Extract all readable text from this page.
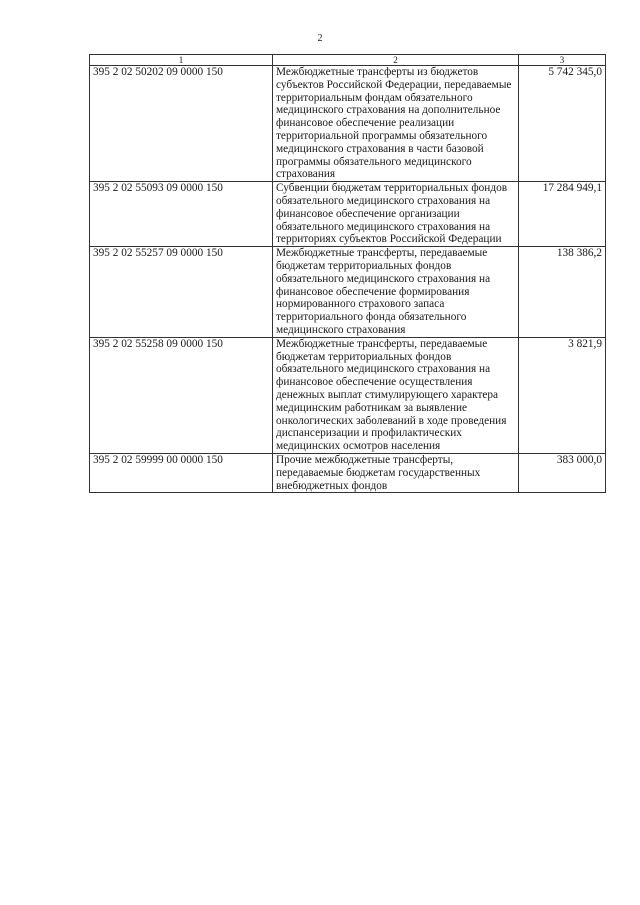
2
1	2	3
395 2 02 50202 09 0000 150	Межбюджетные трансферты из бюджетов субъектов Российской Федерации, передаваемые территориальным фондам обязательного медицинского страхования на дополнительное финансовое обеспечение реализации территориальной программы обязательного медицинского страхования в части базовой программы обязательного медицинского страхования	5 742 345,0
395 2 02 55093 09 0000 150	Субвенции бюджетам территориальных фондов обязательного медицинского страхования на финансовое обеспечение организации обязательного медицинского страхования на территориях субъектов Российской Федерации	17 284 949,1
395 2 02 55257 09 0000 150	Межбюджетные трансферты, передаваемые бюджетам территориальных фондов обязательного медицинского страхования на финансовое обеспечение формирования нормированного страхового запаса территориального фонда обязательного медицинского страхования	138 386,2
395 2 02 55258 09 0000 150	Межбюджетные трансферты, передаваемые бюджетам территориальных фондов обязательного медицинского страхования на финансовое обеспечение осуществления денежных выплат стимулирующего характера медицинским работникам за выявление онкологических заболеваний в ходе проведения диспансеризации и профилактических медицинских осмотров населения	3 821,9
395 2 02 59999 00 0000 150	Прочие межбюджетные трансферты, передаваемые бюджетам государственных внебюджетных фондов	383 000,0
